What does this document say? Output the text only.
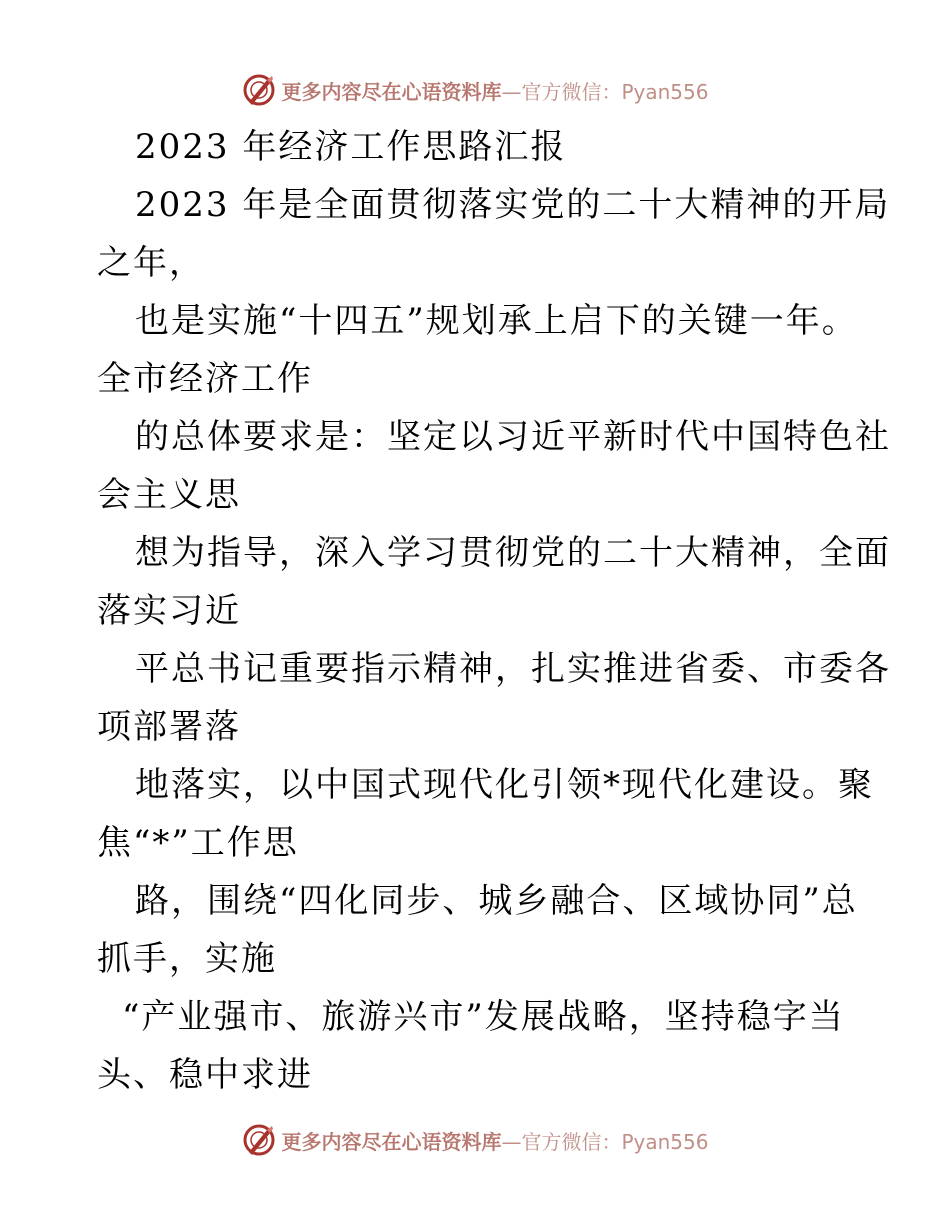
更多内容尽在心语资料库—官方微信：Pyan556
2023 年经济工作思路汇报
2023 年是全面贯彻落实党的二十大精神的开局
之年，
也是实施“十四五”规划承上启下的关键一年。
全市经济工作
的总体要求是：坚定以习近平新时代中国特色社
会主义思
想为指导，深入学习贯彻党的二十大精神，全面
落实习近
平总书记重要指示精神，扎实推进省委、市委各
项部署落
地落实，以中国式现代化引领*现代化建设。聚
焦“*”工作思
路，围绕“四化同步、城乡融合、区域协同”总
抓手，实施
“产业强市、旅游兴市”发展战略，坚持稳字当
头、稳中求进
更多内容尽在心语资料库—官方微信：Pyan556
